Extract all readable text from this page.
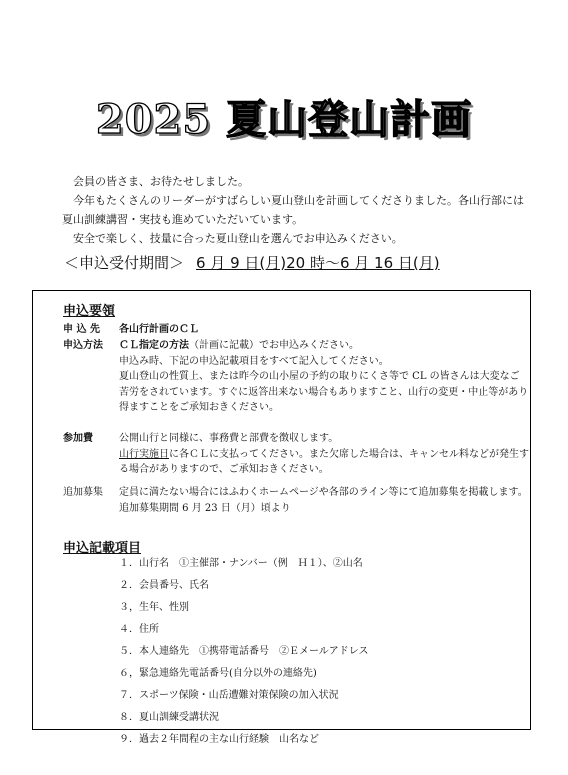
2025 夏山登山計画

会員の皆さま、お待たせしました。

今年もたくさんのリーダーがすばらしい夏山登山を計画してくださりました。各山行部には夏山訓練講習・実技も進めていただいています。

安全で楽しく、技量に合った夏山登山を選んでお申込みください。

＜申込受付期間＞ 6 月 9 日(月)20 時〜6 月 16 日(月)
申込要領
申 込 先	各山行計画のＣＬ
申込方法	ＣＬ指定の方法（計画に記載）でお申込みください。

申込み時、下記の申込記載項目をすべて記入してください。

夏山登山の性質上、または昨今の山小屋の予約の取りにくさ等で CL の皆さんは大変なご苦労をされています。すぐに返答出来ない場合もありますこと、山行の変更・中止等があり得ますことをご承知おきください。

参加費	公開山行と同様に、事務費と部費を徴収します。

山行実施日に各ＣＬに支払ってください。また欠席した場合は、キャンセル料などが発生する場合がありますので、ご承知おきください。

追加募集	定員に満たない場合にはふわくホームページや各部のライン等にて追加募集を掲載します。追加募集期間 6 月 23 日（月）頃より
申込記載項目
１．山行名　①主催部・ナンバー（例　Ｈ１）、②山名
２．会員番号、氏名
３，生年、性別
４．住所
５．本人連絡先　①携帯電話番号　②Ｅメールアドレス
６，緊急連絡先電話番号(自分以外の連絡先)
７．スポーツ保険・山岳遭難対策保険の加入状況
８．夏山訓練受講状況
９．過去２年間程の主な山行経験　山名など
